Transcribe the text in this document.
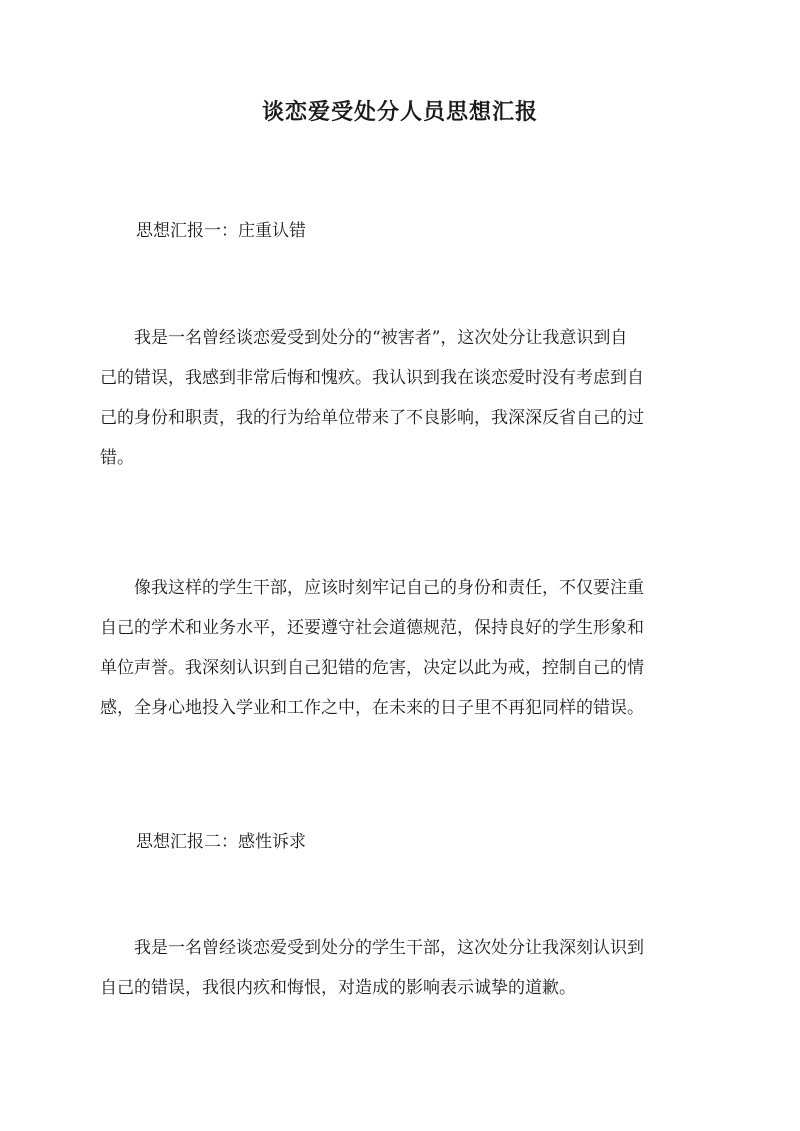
谈恋爱受处分人员思想汇报
思想汇报一：庄重认错
　　我是一名曾经谈恋爱受到处分的“被害者”，这次处分让我意识到自
己的错误，我感到非常后悔和愧疚。我认识到我在谈恋爱时没有考虑到自
己的身份和职责，我的行为给单位带来了不良影响，我深深反省自己的过
错。
　　像我这样的学生干部，应该时刻牢记自己的身份和责任，不仅要注重
自己的学术和业务水平，还要遵守社会道德规范，保持良好的学生形象和
单位声誉。我深刻认识到自己犯错的危害，决定以此为戒，控制自己的情
感，全身心地投入学业和工作之中，在未来的日子里不再犯同样的错误。
思想汇报二：感性诉求
　　我是一名曾经谈恋爱受到处分的学生干部，这次处分让我深刻认识到
自己的错误，我很内疚和悔恨，对造成的影响表示诚挚的道歉。
